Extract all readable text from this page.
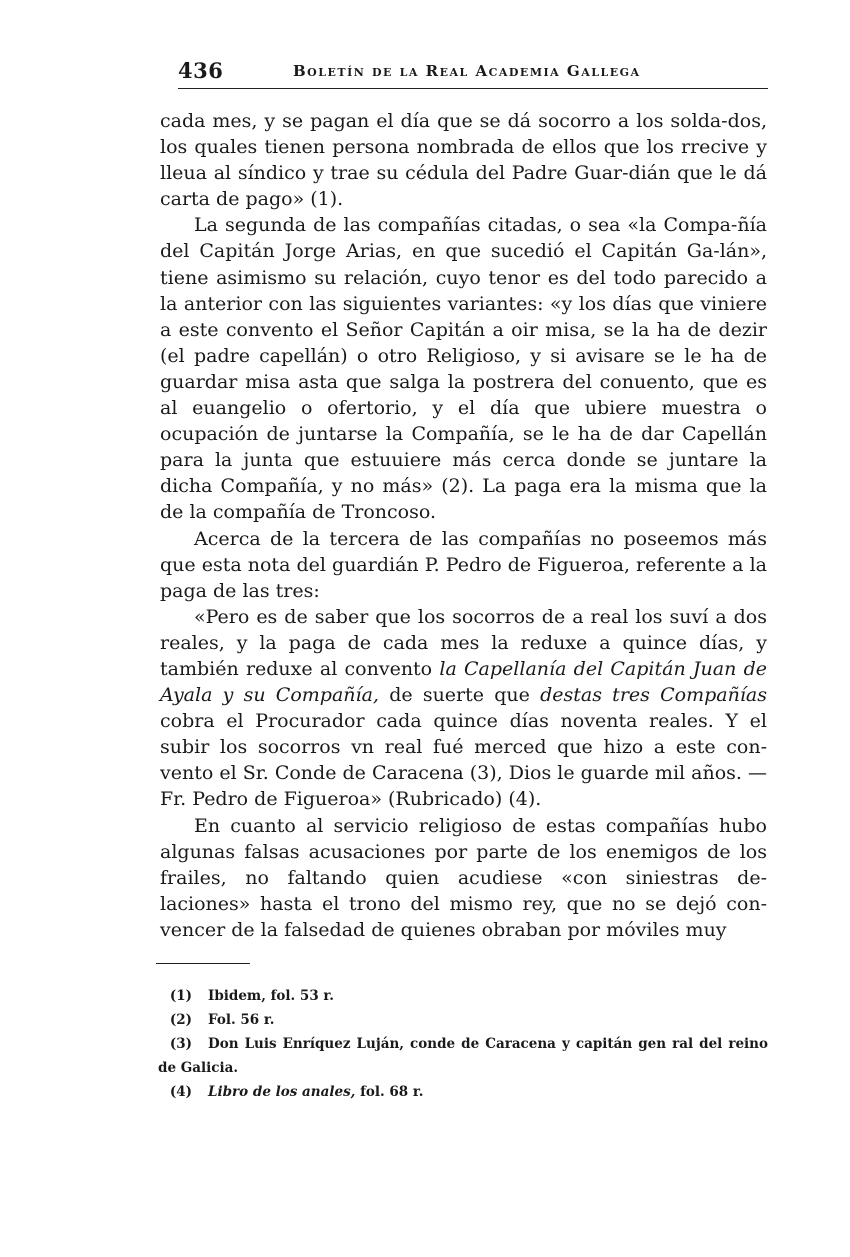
436	Boletín de la Real Academia Gallega

cada mes, y se pagan el día que se dá socorro a los solda-dos, los quales tienen persona nombrada de ellos que los rrecive y lleua al síndico y trae su cédula del Padre Guar-dián que le dá carta de pago» (1).

La segunda de las compañías citadas, o sea «la Compa-ñía del Capitán Jorge Arias, en que sucedió el Capitán Ga-lán», tiene asimismo su relación, cuyo tenor es del todo parecido a la anterior con las siguientes variantes: «y los días que viniere a este convento el Señor Capitán a oir misa, se la ha de dezir (el padre capellán) o otro Religioso, y si avisare se le ha de guardar misa asta que salga la postrera del conuento, que es al euangelio o ofertorio, y el día que ubiere muestra o ocupación de juntarse la Compañía, se le ha de dar Capellán para la junta que estuuiere más cerca donde se juntare la dicha Compañía, y no más» (2). La paga era la misma que la de la compañía de Troncoso.

Acerca de la tercera de las compañías no poseemos más que esta nota del guardián P. Pedro de Figueroa, referente a la paga de las tres:

«Pero es de saber que los socorros de a real los suví a dos reales, y la paga de cada mes la reduxe a quince días, y también reduxe al convento la Capellanía del Capitán Juan de Ayala y su Compañía, de suerte que destas tres Compañías cobra el Procurador cada quince días noventa reales. Y el subir los socorros vn real fué merced que hizo a este con-vento el Sr. Conde de Caracena (3), Dios le guarde mil años. —Fr. Pedro de Figueroa» (Rubricado) (4).

En cuanto al servicio religioso de estas compañías hubo algunas falsas acusaciones por parte de los enemigos de los frailes, no faltando quien acudiese «con siniestras de-laciones» hasta el trono del mismo rey, que no se dejó con-vencer de la falsedad de quienes obraban por móviles muy

(1) Ibidem, fol. 53 r.
(2) Fol. 56 r.
(3) Don Luis Enríquez Luján, conde de Caracena y capitán gen ral del reino de Galicia.
(4) Libro de los anales, fol. 68 r.
